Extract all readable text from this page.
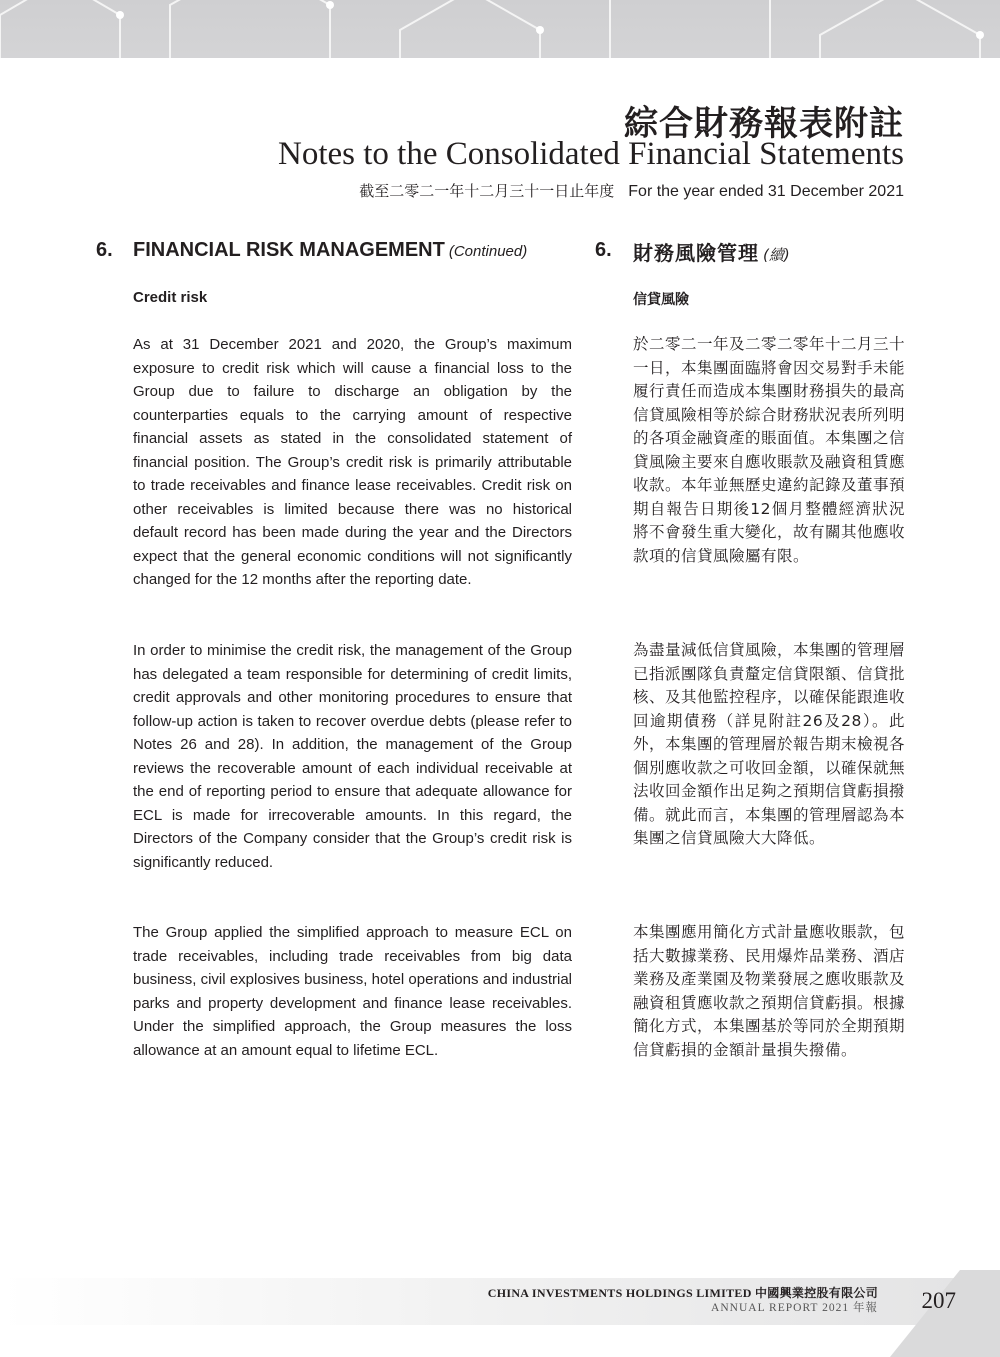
綜合財務報表附註
Notes to the Consolidated Financial Statements
截至二零二一年十二月三十一日止年度 For the year ended 31 December 2021
6. FINANCIAL RISK MANAGEMENT (Continued)
Credit risk

As at 31 December 2021 and 2020, the Group’s maximum exposure to credit risk which will cause a financial loss to the Group due to failure to discharge an obligation by the counterparties equals to the carrying amount of respective financial assets as stated in the consolidated statement of financial position. The Group’s credit risk is primarily attributable to trade receivables and finance lease receivables. Credit risk on other receivables is limited because there was no historical default record has been made during the year and the Directors expect that the general economic conditions will not significantly changed for the 12 months after the reporting date.

In order to minimise the credit risk, the management of the Group has delegated a team responsible for determining of credit limits, credit approvals and other monitoring procedures to ensure that follow-up action is taken to recover overdue debts (please refer to Notes 26 and 28). In addition, the management of the Group reviews the recoverable amount of each individual receivable at the end of reporting period to ensure that adequate allowance for ECL is made for irrecoverable amounts. In this regard, the Directors of the Company consider that the Group’s credit risk is significantly reduced.

The Group applied the simplified approach to measure ECL on trade receivables, including trade receivables from big data business, civil explosives business, hotel operations and industrial parks and property development and finance lease receivables. Under the simplified approach, the Group measures the loss allowance at an amount equal to lifetime ECL.

6. 財務風險管理 (續)
信貸風險

於二零二一年及二零二零年十二月三十一日，本集團面臨將會因交易對手未能履行責任而造成本集團財務損失的最高信貸風險相等於綜合財務狀況表所列明的各項金融資產的賬面值。本集團之信貸風險主要來自應收賬款及融資租賃應收款。本年並無歷史違約記錄及董事預期自報告日期後12個月整體經濟狀況將不會發生重大變化，故有關其他應收款項的信貸風險屬有限。

為盡量減低信貸風險，本集團的管理層已指派團隊負責釐定信貸限額、信貸批核、及其他監控程序，以確保能跟進收回逾期債務（詳見附註26及28）。此外，本集團的管理層於報告期末檢視各個別應收款之可收回金額，以確保就無法收回金額作出足夠之預期信貸虧損撥備。就此而言，本集團的管理層認為本集團之信貸風險大大降低。

本集團應用簡化方式計量應收賬款，包括大數據業務、民用爆炸品業務、酒店業務及產業園及物業發展之應收賬款及融資租賃應收款之預期信貸虧損。根據簡化方式，本集團基於等同於全期預期信貸虧損的金額計量損失撥備。

CHINA INVESTMENTS HOLDINGS LIMITED 中國興業控股有限公司
ANNUAL REPORT 2021 年報 207
